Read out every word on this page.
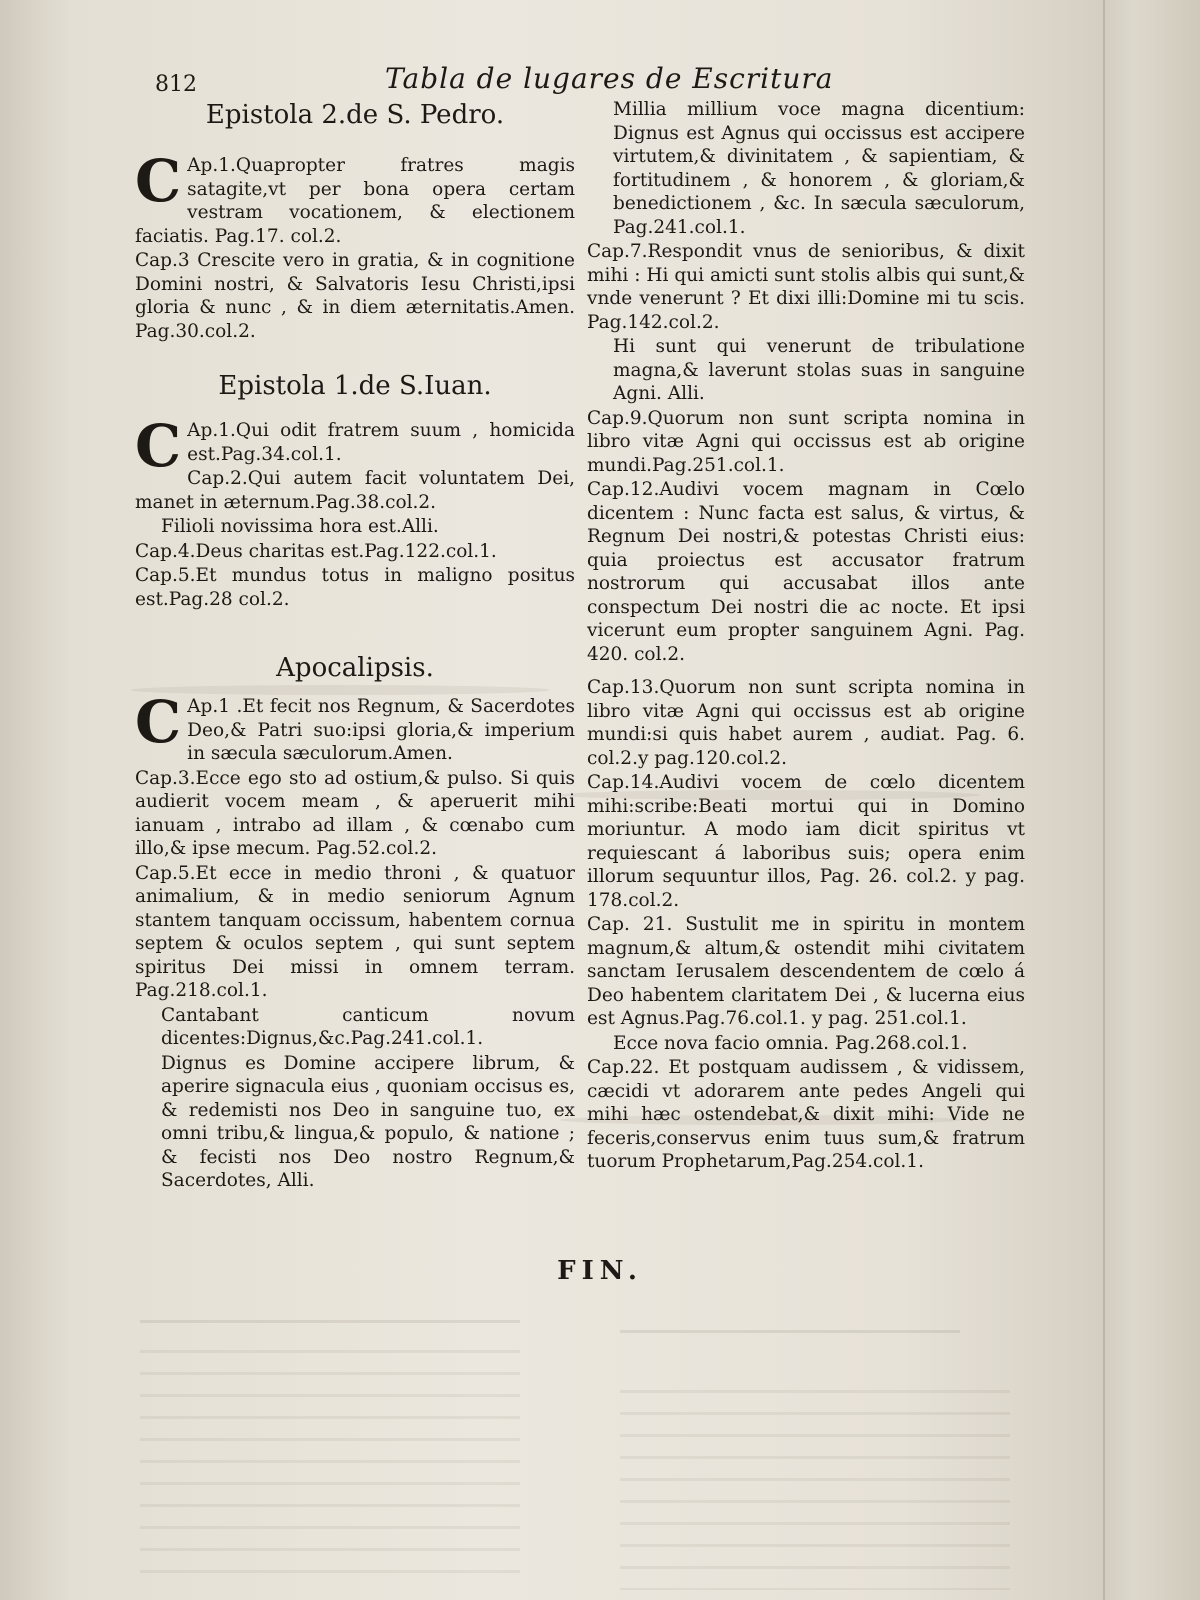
812	Tabla de lugares de Escritura
Epistola 2.de S. Pedro.

C Ap.1.Quapropter fratres magis satagite,vt per bona opera certam vestram vocationem, & electionem faciatis. Pag.17. col.2.

Cap.3 Crescite vero in gratia, & in cognitione Domini nostri, & Salvatoris Iesu Christi,ipsi gloria & nunc , & in diem æternitatis.Amen. Pag.30.col.2.

Epistola 1.de S.Iuan.

C Ap.1.Qui odit fratrem suum , homicida est.Pag.34.col.1.

Cap.2.Qui autem facit voluntatem Dei, manet in æternum.Pag.38.col.2.

Filioli novissima hora est.Alli.

Cap.4.Deus charitas est.Pag.122.col.1.

Cap.5.Et mundus totus in maligno positus est.Pag.28 col.2.

Apocalipsis.

C Ap.1 .Et fecit nos Regnum, & Sacerdotes Deo,& Patri suo:ipsi gloria,& imperium in sæcula sæculorum.Amen.

Cap.3.Ecce ego sto ad ostium,& pulso. Si quis audierit vocem meam , & aperuerit mihi ianuam , intrabo ad illam , & cœnabo cum illo,& ipse mecum. Pag.52.col.2.

Cap.5.Et ecce in medio throni , & quatuor animalium, & in medio seniorum Agnum stantem tanquam occissum, habentem cornua septem & oculos septem , qui sunt septem spiritus Dei missi in omnem terram. Pag.218.col.1.

Cantabant canticum novum dicentes:Dignus,&c.Pag.241.col.1.

Dignus es Domine accipere librum, & aperire signacula eius , quoniam occisus es, & redemisti nos Deo in sanguine tuo, ex omni tribu,& lingua,& populo, & natione ; & fecisti nos Deo nostro Regnum,& Sacerdotes, Alli.

Millia millium voce magna dicentium: Dignus est Agnus qui occissus est accipere virtutem,& divinitatem , & sapientiam, & fortitudinem , & honorem , & gloriam,& benedictionem , &c. In sæcula sæculorum, Pag.241.col.1.

Cap.7.Respondit vnus de senioribus, & dixit mihi : Hi qui amicti sunt stolis albis qui sunt,& vnde venerunt ? Et dixi illi:Domine mi tu scis. Pag.142.col.2.

Hi sunt qui venerunt de tribulatione magna,& laverunt stolas suas in sanguine Agni. Alli.

Cap.9.Quorum non sunt scripta nomina in libro vitæ Agni qui occissus est ab origine mundi.Pag.251.col.1.

Cap.12.Audivi vocem magnam in Cœlo dicentem : Nunc facta est salus, & virtus, & Regnum Dei nostri,& potestas Christi eius: quia proiectus est accusator fratrum nostrorum qui accusabat illos ante conspectum Dei nostri die ac nocte. Et ipsi vicerunt eum propter sanguinem Agni. Pag. 420. col.2.

Cap.13.Quorum non sunt scripta nomina in libro vitæ Agni qui occissus est ab origine mundi:si quis habet aurem , audiat. Pag. 6. col.2.y pag.120.col.2.

Cap.14.Audivi vocem de cœlo dicentem mihi:scribe:Beati mortui qui in Domino moriuntur. A modo iam dicit spiritus vt requiescant á laboribus suis; opera enim illorum sequuntur illos, Pag. 26. col.2. y pag. 178.col.2.

Cap. 21. Sustulit me in spiritu in montem magnum,& altum,& ostendit mihi civitatem sanctam Ierusalem descendentem de cœlo á Deo habentem claritatem Dei , & lucerna eius est Agnus.Pag.76.col.1. y pag. 251.col.1.

Ecce nova facio omnia. Pag.268.col.1.

Cap.22. Et postquam audissem , & vidissem, cæcidi vt adorarem ante pedes Angeli qui mihi hæc ostendebat,& dixit mihi: Vide ne feceris,conservus enim tuus sum,& fratrum tuorum Prophetarum,Pag.254.col.1.

FIN.
